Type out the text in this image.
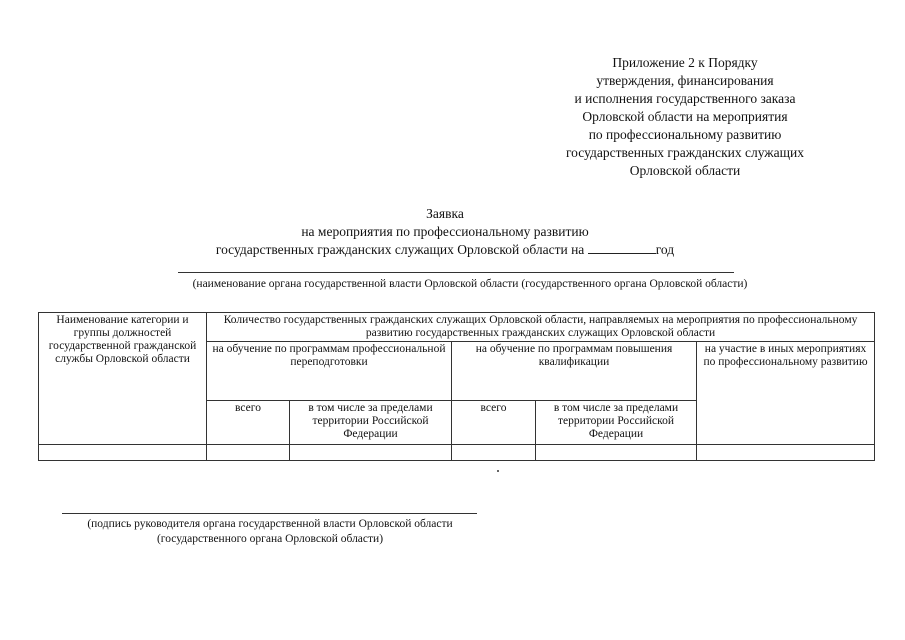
Приложение 2 к Порядку
утверждения, финансирования
и исполнения государственного заказа
Орловской области на мероприятия
по профессиональному развитию
государственных гражданских служащих
Орловской области
Заявка
на мероприятия по профессиональному развитию
государственных гражданских служащих Орловской области на	год
(наименование органа государственной власти Орловской области (государственного органа Орловской области)
Наименование категории и группы должностей государственной гражданской службы Орловской области	Количество государственных гражданских служащих Орловской области, направляемых на мероприятия по профессиональному развитию государственных гражданских служащих Орловской области				
	на обучение по программам профессиональной переподготовки		на обучение по программам повышения квалификации		на участие в иных мероприятиях по профессиональному развитию
	всего	в том числе за пределами территории Российской Федерации	всего	в том числе за пределами территории Российской Федерации	

(подпись руководителя органа государственной власти Орловской области
(государственного органа Орловской области)
